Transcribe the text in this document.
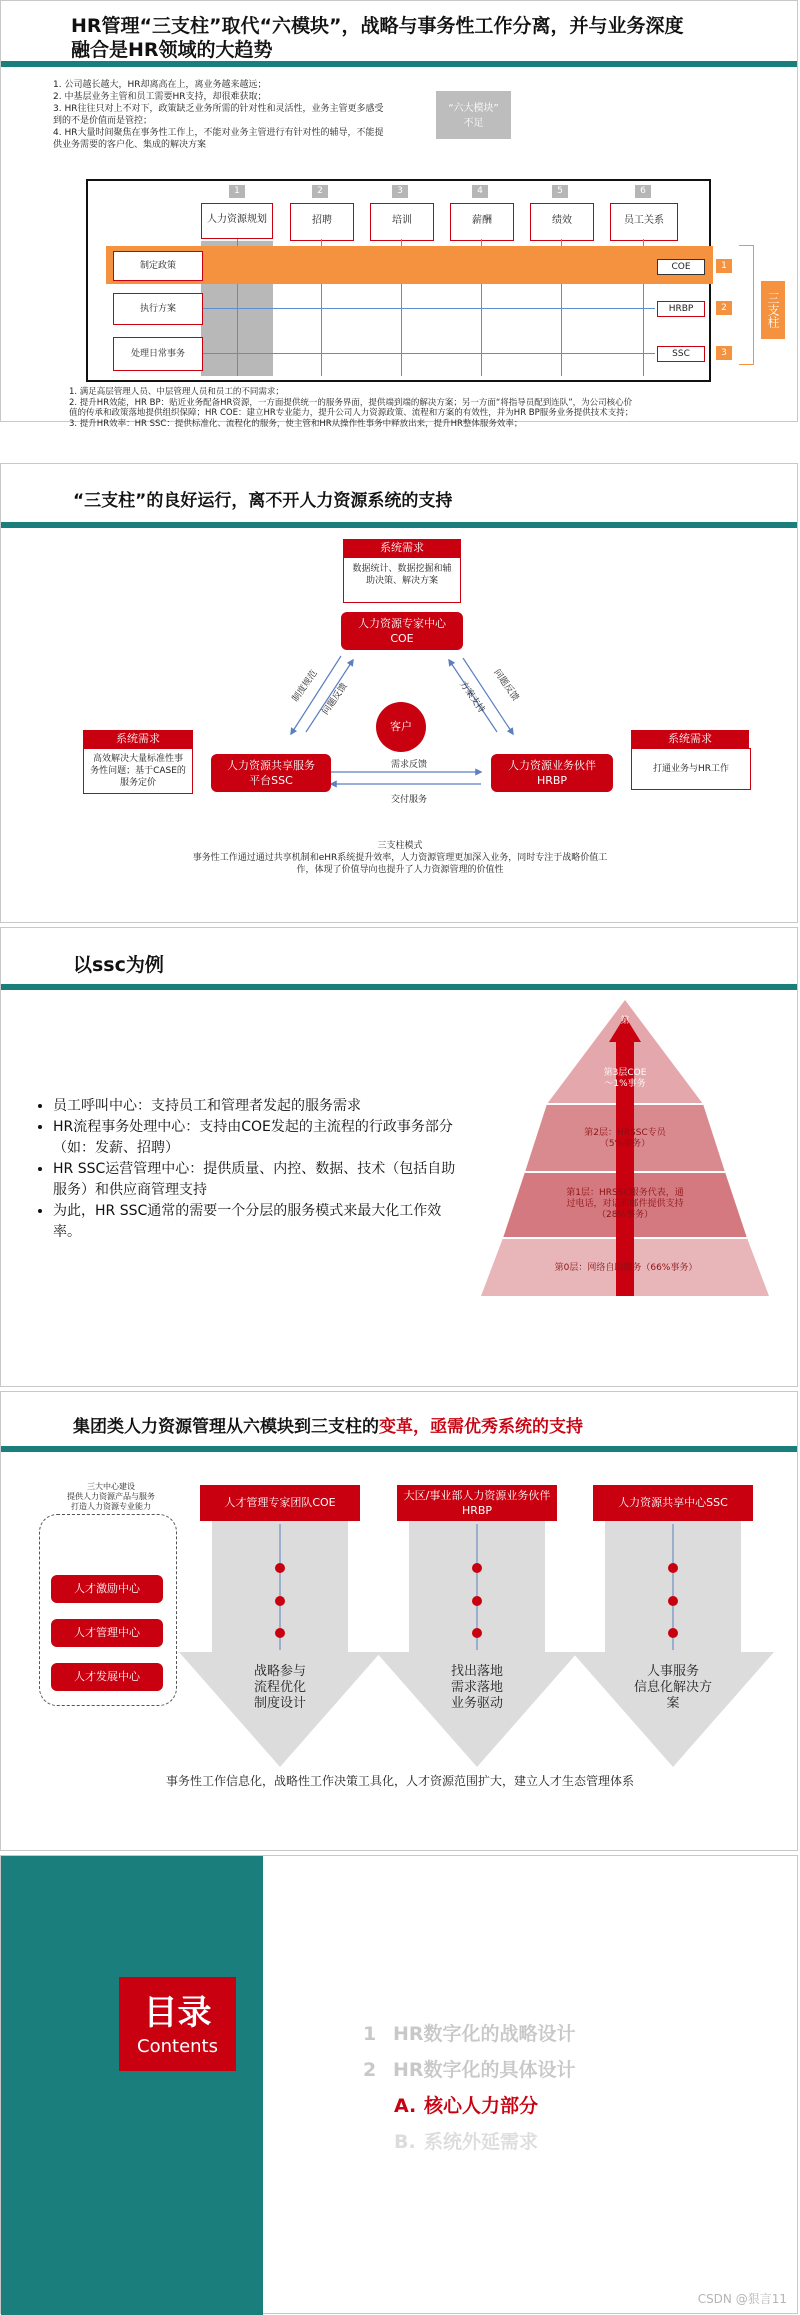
HR管理“三支柱”取代“六模块”，战略与事务性工作分离，并与业务深度
融合是HR领域的大趋势
1. 公司越长越大，HR却离高在上，离业务越来越远；
2. 中基层业务主管和员工需要HR支持，却很难获取；
3. HR往往只对上不对下，政策缺乏业务所需的针对性和灵活性，业务主管更多感受
到的不是价值而是管控；
4. HR大量时间聚焦在事务性工作上，不能对业务主管进行有针对性的辅导，不能提
供业务需要的客户化、集成的解决方案
“六大模块”
不足
1
人力资源规划
2
招聘
3
培训
4
薪酬
5
绩效
6
员工关系
制定政策	COE	1
执行方案	HRBP	2
处理日常事务	SSC	3
三支柱
1. 满足高层管理人员、中层管理人员和员工的不同需求；
2. 提升HR效能，HR BP：贴近业务配备HR资源，一方面提供统一的服务界面，提供端到端的解决方案；另一方面“将指导员配到连队”，为公司核心价
值的传承和政策落地提供组织保障；HR COE：建立HR专业能力，提升公司人力资源政策、流程和方案的有效性，并为HR BP服务业务提供技术支持；
3. 提升HR效率：HR SSC：提供标准化、流程化的服务，使主管和HR从操作性事务中释放出来，提升HR整体服务效率；
“三支柱”的良好运行，离不开人力资源系统的支持
系统需求
数据统计、数据挖掘和辅助决策、解决方案
人力资源专家中心
COE
制度规范 问题反馈	问题反馈
方案支持
需求反馈
交付服务
客户
系统需求
高效解决大量标准性事务性问题；基于CASE的服务定价
人力资源共享服务
平台SSC
人力资源业务伙伴
HRBP
系统需求
打通业务与HR工作
三支柱模式
事务性工作通过通过共享机制和eHR系统提升效率，人力资源管理更加深入业务，同时专注于战略价值工
作，体现了价值导向也提升了人力资源管理的价值性
以ssc为例
• 员工呼叫中心：支持员工和管理者发起的服务需求
• HR流程事务处理中心：支持由COE发起的主流程的行政事务部分（如：发薪、招聘）
• HR SSC运营管理中心：提供质量、内控、数据、技术（包括自助服务）和供应商管理支持
• 为此，HR SSC通常的需要一个分层的服务模式来最大化工作效率。
第
第3层COE
～1%事务
第2层：HRSSC专员
（5%事务）
第1层：HRSSC服务代表，通
过电话，对话和邮件提供支持
（28%事务）
第0层：网络自助服务（66%事务）
集团类人力资源管理从六模块到三支柱的变革，亟需优秀系统的支持
三大中心建设
提供人力资源产品与服务
打造人力资源专业能力
人才激励中心
人才管理中心
人才发展中心
人才管理专家团队COE
大区/事业部人力资源业务伙伴HRBP
人力资源共享中心SSC
战略参与
流程优化
制度设计
找出落地
需求落地
业务驱动
人事服务
信息化解决方
案
事务性工作信息化，战略性工作决策工具化，人才资源范围扩大，建立人才生态管理体系
目录
Contents
1 HR数字化的战略设计
2 HR数字化的具体设计
A. 核心人力部分
B. 系统外延需求
CSDN @狠言11
